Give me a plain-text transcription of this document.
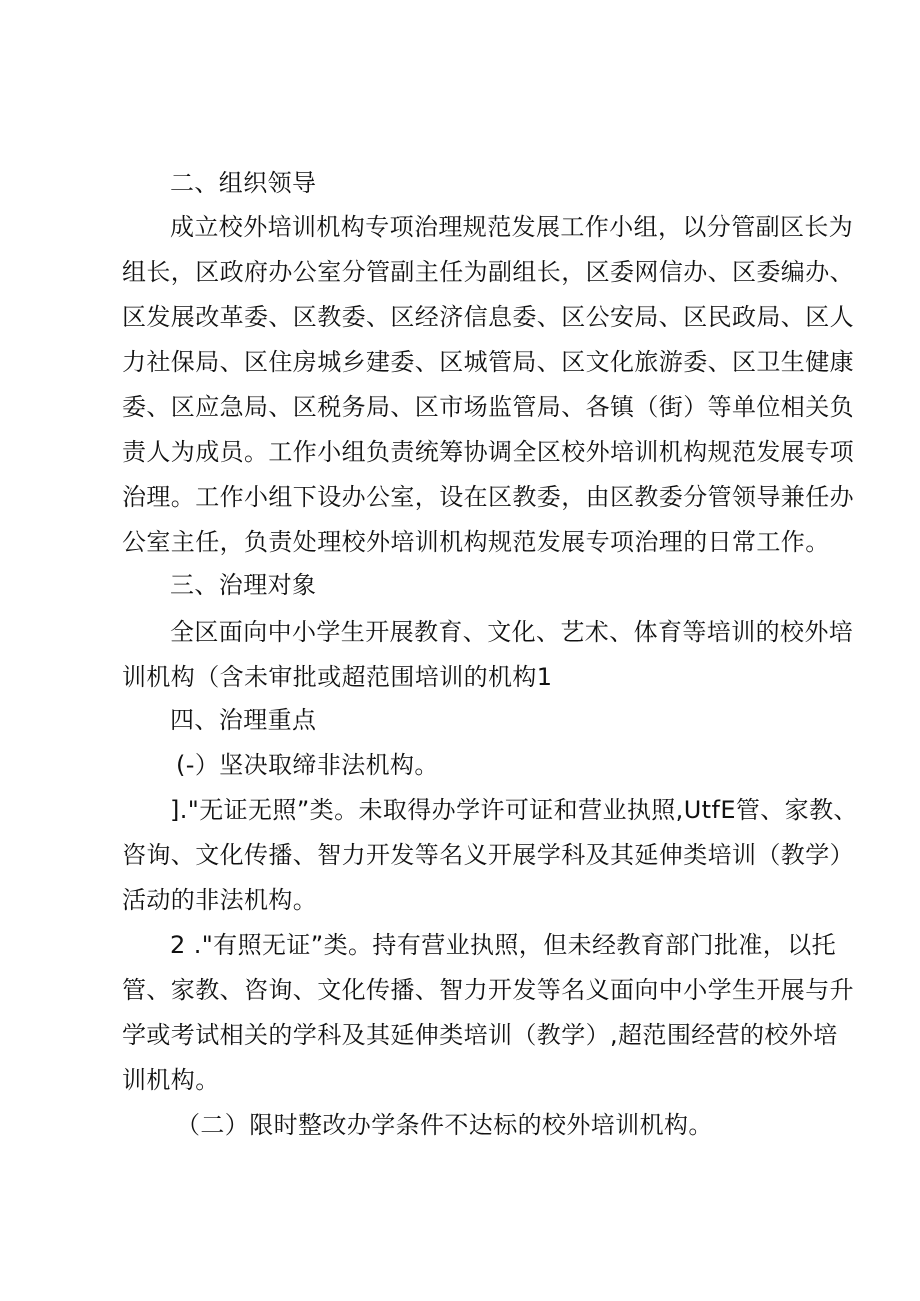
二、组织领导
成立校外培训机构专项治理规范发展工作小组，以分管副区长为
组长，区政府办公室分管副主任为副组长，区委网信办、区委编办、
区发展改革委、区教委、区经济信息委、区公安局、区民政局、区人
力社保局、区住房城乡建委、区城管局、区文化旅游委、区卫生健康
委、区应急局、区税务局、区市场监管局、各镇（街）等单位相关负
责人为成员。工作小组负责统筹协调全区校外培训机构规范发展专项
治理。工作小组下设办公室，设在区教委，由区教委分管领导兼任办
公室主任，负责处理校外培训机构规范发展专项治理的日常工作。
三、治理对象
全区面向中小学生开展教育、文化、艺术、体育等培训的校外培
训机构（含未审批或超范围培训的机构1
四、治理重点
(-）坚决取缔非法机构。
]."无证无照”类。未取得办学许可证和营业执照,UtfE管、家教、
咨询、文化传播、智力开发等名义开展学科及其延伸类培训（教学）
活动的非法机构。
2 ."有照无证”类。持有营业执照，但未经教育部门批准，以托
管、家教、咨询、文化传播、智力开发等名义面向中小学生开展与升
学或考试相关的学科及其延伸类培训（教学）,超范围经营的校外培
训机构。
（二）限时整改办学条件不达标的校外培训机构。
